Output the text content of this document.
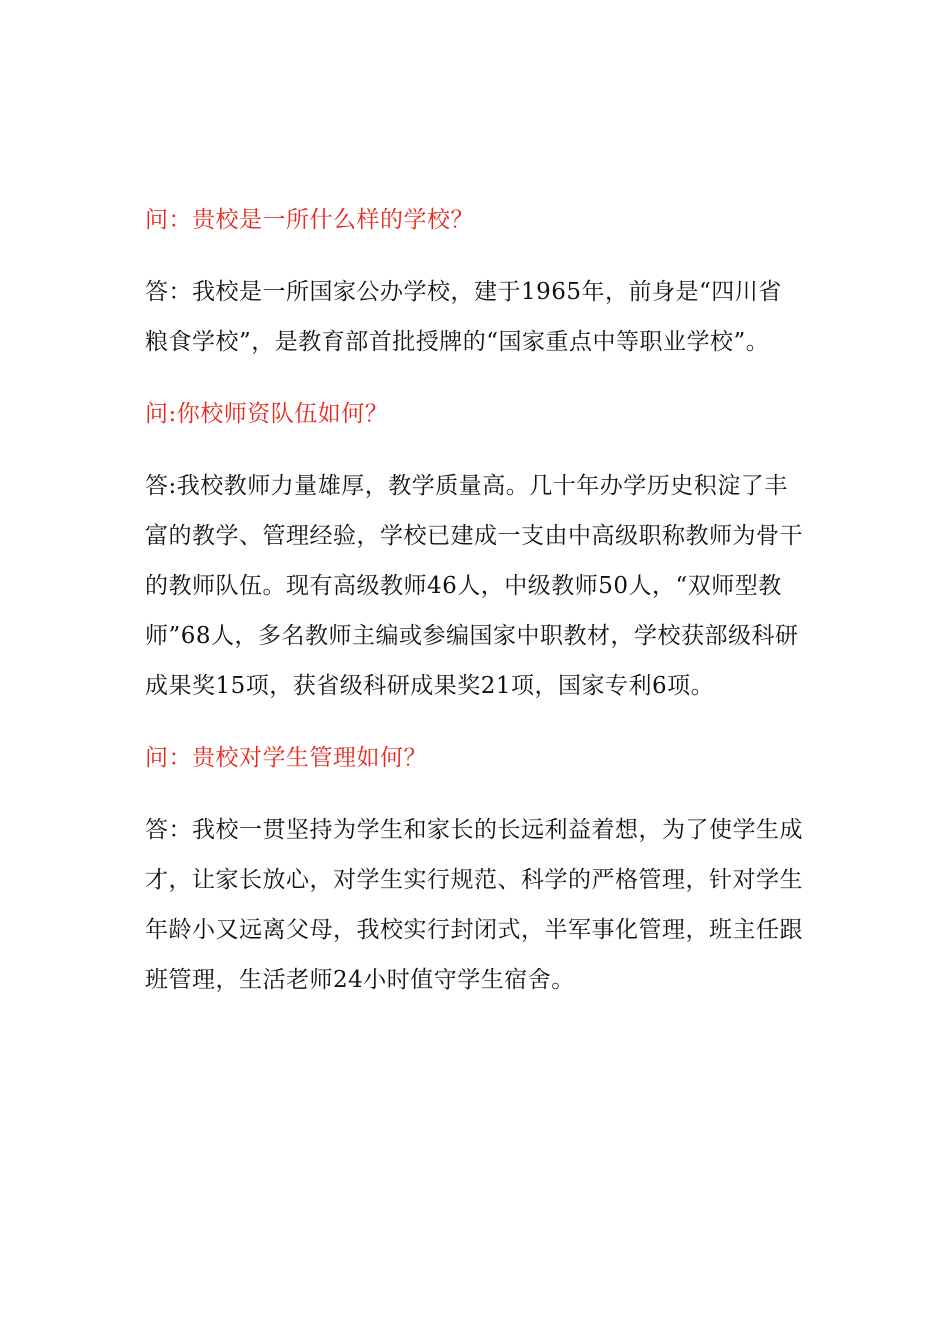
问：贵校是一所什么样的学校？

答：我校是一所国家公办学校，建于1965年，前身是“四川省粮食学校”，是教育部首批授牌的“国家重点中等职业学校”。

问:你校师资队伍如何？

答:我校教师力量雄厚，教学质量高。几十年办学历史积淀了丰富的教学、管理经验，学校已建成一支由中高级职称教师为骨干的教师队伍。现有高级教师46人，中级教师50人，“双师型教师”68人，多名教师主编或参编国家中职教材，学校获部级科研成果奖15项，获省级科研成果奖21项，国家专利6项。

问：贵校对学生管理如何？

答：我校一贯坚持为学生和家长的长远利益着想，为了使学生成才，让家长放心，对学生实行规范、科学的严格管理，针对学生年龄小又远离父母，我校实行封闭式，半军事化管理，班主任跟班管理，生活老师24小时值守学生宿舍。
